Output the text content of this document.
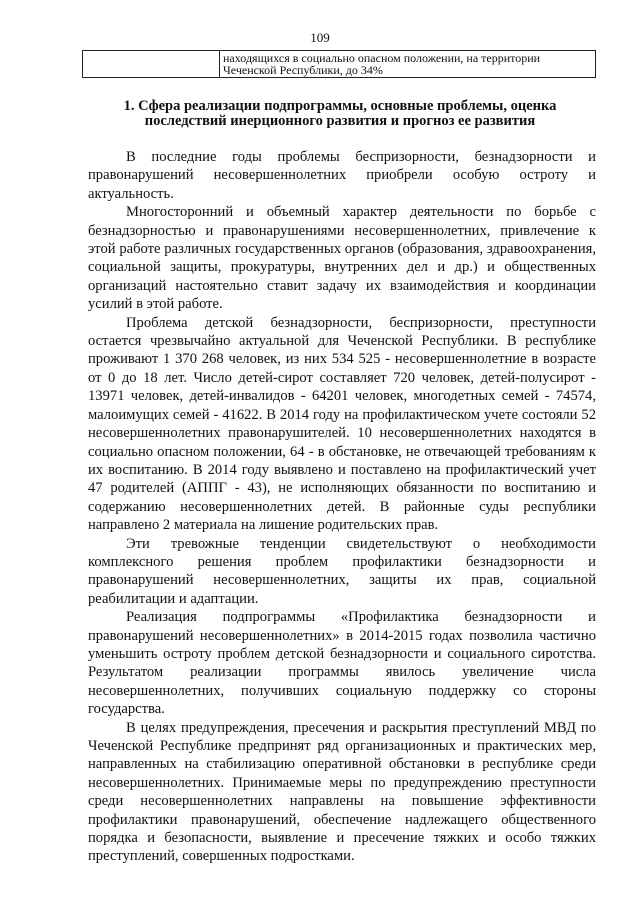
109
	находящихся в социально опасном положении, на территории
Чеченской Республики, до 34%
1. Сфера реализации подпрограммы, основные проблемы, оценка
последствий инерционного развития и прогноз ее развития

В последние годы проблемы беспризорности, безнадзорности и правонарушений несовершеннолетних приобрели особую остроту и актуальность.

Многосторонний и объемный характер деятельности по борьбе с безнадзорностью и правонарушениями несовершеннолетних, привлечение к этой работе различных государственных органов (образования, здравоохранения, социальной защиты, прокуратуры, внутренних дел и др.) и общественных организаций настоятельно ставит задачу их взаимодействия и координации усилий в этой работе.

Проблема детской безнадзорности, беспризорности, преступности остается чрезвычайно актуальной для Чеченской Республики. В республике проживают 1 370 268 человек, из них 534 525 - несовершеннолетние в возрасте от 0 до 18 лет. Число детей-сирот составляет 720 человек, детей-полусирот - 13971 человек, детей-инвалидов - 64201 человек, многодетных семей - 74574, малоимущих семей - 41622. В 2014 году на профилактическом учете состояли 52 несовершеннолетних правонарушителей. 10 несовершеннолетних находятся в социально опасном положении, 64 - в обстановке, не отвечающей требованиям к их воспитанию. В 2014 году выявлено и поставлено на профилактический учет 47 родителей (АППГ - 43), не исполняющих обязанности по воспитанию и содержанию несовершеннолетних детей. В районные суды республики направлено 2 материала на лишение родительских прав.

Эти тревожные тенденции свидетельствуют о необходимости комплексного решения проблем профилактики безнадзорности и правонарушений несовершеннолетних, защиты их прав, социальной реабилитации и адаптации.

Реализация подпрограммы «Профилактика безнадзорности и правонарушений несовершеннолетних» в 2014-2015 годах позволила частично уменьшить остроту проблем детской безнадзорности и социального сиротства. Результатом реализации программы явилось увеличение числа несовершеннолетних, получивших социальную поддержку со стороны государства.

В целях предупреждения, пресечения и раскрытия преступлений МВД по Чеченской Республике предпринят ряд организационных и практических мер, направленных на стабилизацию оперативной обстановки в республике среди несовершеннолетних. Принимаемые меры по предупреждению преступности среди несовершеннолетних направлены на повышение эффективности профилактики правонарушений, обеспечение надлежащего общественного порядка и безопасности, выявление и пресечение тяжких и особо тяжких преступлений, совершенных подростками.
